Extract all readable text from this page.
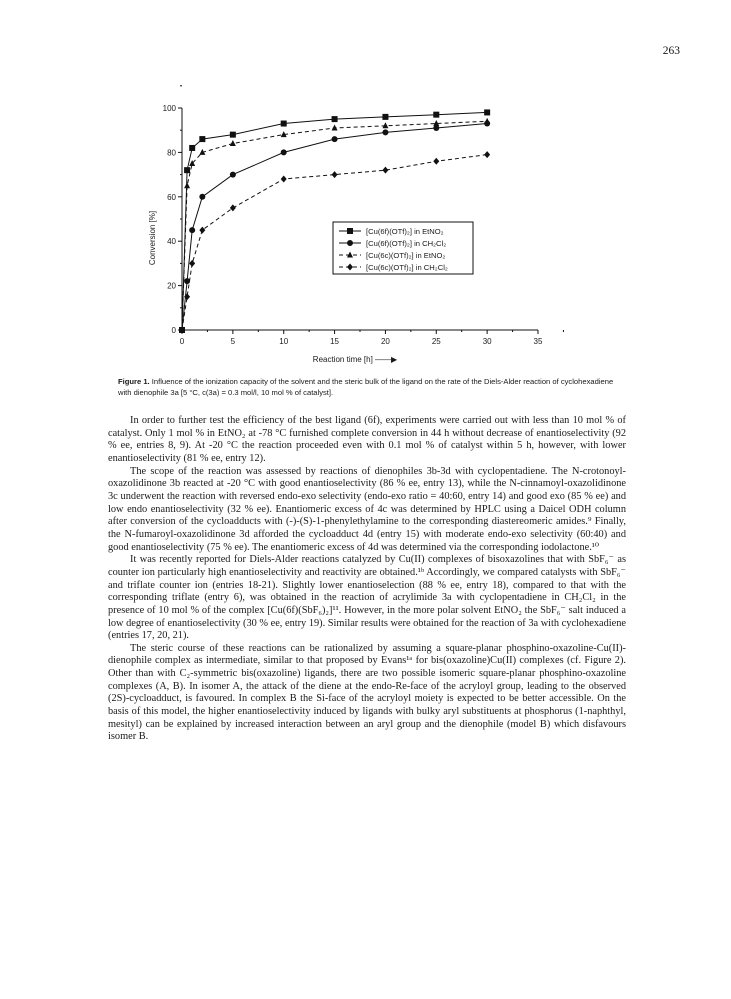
263
0	5	10	15	20	25	30	35
0
20
40
60
80
100
[Cu(6f)(OTf)₂] in EtNO₂
[Cu(6f)(OTf)₂] in CH₂Cl₂
[Cu(6c)(OTf)₂] in EtNO₂
[Cu(6c)(OTf)₂] in CH₂Cl₂
Reaction time [h] ——▶
Conversion [%]
Figure 1. Influence of the ionization capacity of the solvent and the steric bulk of the ligand on the rate of the Diels-Alder reaction of cyclohexadiene with dienophile 3a [5 °C, c(3a) = 0.3 mol/l, 10 mol % of catalyst].

In order to further test the efficiency of the best ligand (6f), experiments were carried out with less than 10 mol % of catalyst. Only 1 mol % in EtNO₂ at -78 °C furnished complete conversion in 44 h without decrease of enantioselectivity (92 % ee, entries 8, 9). At -20 °C the reaction proceeded even with 0.1 mol % of catalyst within 5 h, however, with lower enantioselectivity (81 % ee, entry 12).

The scope of the reaction was assessed by reactions of dienophiles 3b-3d with cyclopentadiene. The N-crotonoyl-oxazolidinone 3b reacted at -20 °C with good enantioselectivity (86 % ee, entry 13), while the N-cinnamoyl-oxazolidinone 3c underwent the reaction with reversed endo-exo selectivity (endo-exo ratio = 40:60, entry 14) and good exo (85 % ee) and low endo enantioselectivity (32 % ee). Enantiomeric excess of 4c was determined by HPLC using a Daicel ODH column after conversion of the cycloadducts with (-)-(S)-1-phenylethylamine to the corresponding diastereomeric amides.⁹ Finally, the N-fumaroyl-oxazolidinone 3d afforded the cycloadduct 4d (entry 15) with moderate endo-exo selectivity (60:40) and good enantioselectivity (75 % ee). The enantiomeric excess of 4d was determined via the corresponding iodolactone.¹⁰

It was recently reported for Diels-Alder reactions catalyzed by Cu(II) complexes of bisoxazolines that with SbF₆⁻ as counter ion particularly high enantioselectivity and reactivity are obtained.¹ᵇ Accordingly, we compared catalysts with SbF₆⁻ and triflate counter ion (entries 18-21). Slightly lower enantioselection (88 % ee, entry 18), compared to that with the corresponding triflate (entry 6), was obtained in the reaction of acrylimide 3a with cyclopentadiene in CH₂Cl₂ in the presence of 10 mol % of the complex [Cu(6f)(SbF₆)₂]¹¹. However, in the more polar solvent EtNO₂ the SbF₆⁻ salt induced a low degree of enantioselectivity (30 % ee, entry 19). Similar results were obtained for the reaction of 3a with cyclohexadiene (entries 17, 20, 21).

The steric course of these reactions can be rationalized by assuming a square-planar phosphino-oxazoline-Cu(II)-dienophile complex as intermediate, similar to that proposed by Evans¹ᵃ for bis(oxazoline)Cu(II) complexes (cf. Figure 2). Other than with C₂-symmetric bis(oxazoline) ligands, there are two possible isomeric square-planar phosphino-oxazoline complexes (A, B). In isomer A, the attack of the diene at the endo-Re-face of the acryloyl group, leading to the observed (2S)-cycloadduct, is favoured. In complex B the Si-face of the acryloyl moiety is expected to be better accessible. On the basis of this model, the higher enantioselectivity induced by ligands with bulky aryl substituents at phosphorus (1-naphthyl, mesityl) can be explained by increased interaction between an aryl group and the dienophile (model B) which disfavours isomer B.
